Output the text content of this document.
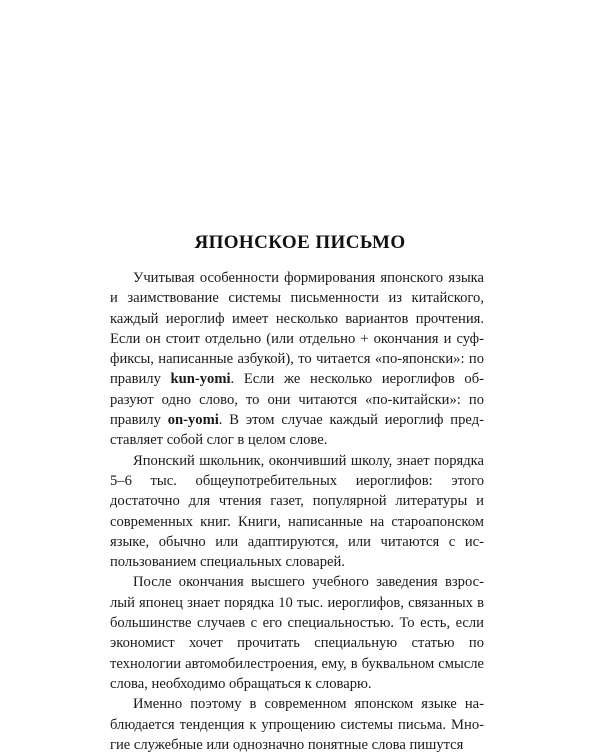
ЯПОНСКОЕ ПИСЬМО

Учитывая особенности формирования японского языка и заимствование системы письменности из китайского, каждый иероглиф имеет несколько вариантов прочтения. Если он стоит отдельно (или отдельно + окончания и суффиксы, написанные азбукой), то читается «по-японски»: по правилу kun-yomi. Если же несколько иероглифов образуют одно слово, то они читаются «по-китайски»: по правилу on-yomi. В этом случае каждый иероглиф представляет собой слог в целом слове.

Японский школьник, окончивший школу, знает порядка 5–6 тыс. общеупотребительных иероглифов: этого достаточно для чтения газет, популярной литературы и современных книг. Книги, написанные на староaпонском языке, обычно или адаптируются, или читаются с использованием специальных словарей.

После окончания высшего учебного заведения взрослый японец знает порядка 10 тыс. иероглифов, связанных в большинстве случаев с его специальностью. То есть, если экономист хочет прочитать специальную статью по технологии автомобилестроения, ему, в буквальном смысле слова, необходимо обращаться к словарю.

Именно поэтому в современном японском языке наблюдается тенденция к упрощению системы письма. Многие служебные или однозначно понятные слова пишутся
